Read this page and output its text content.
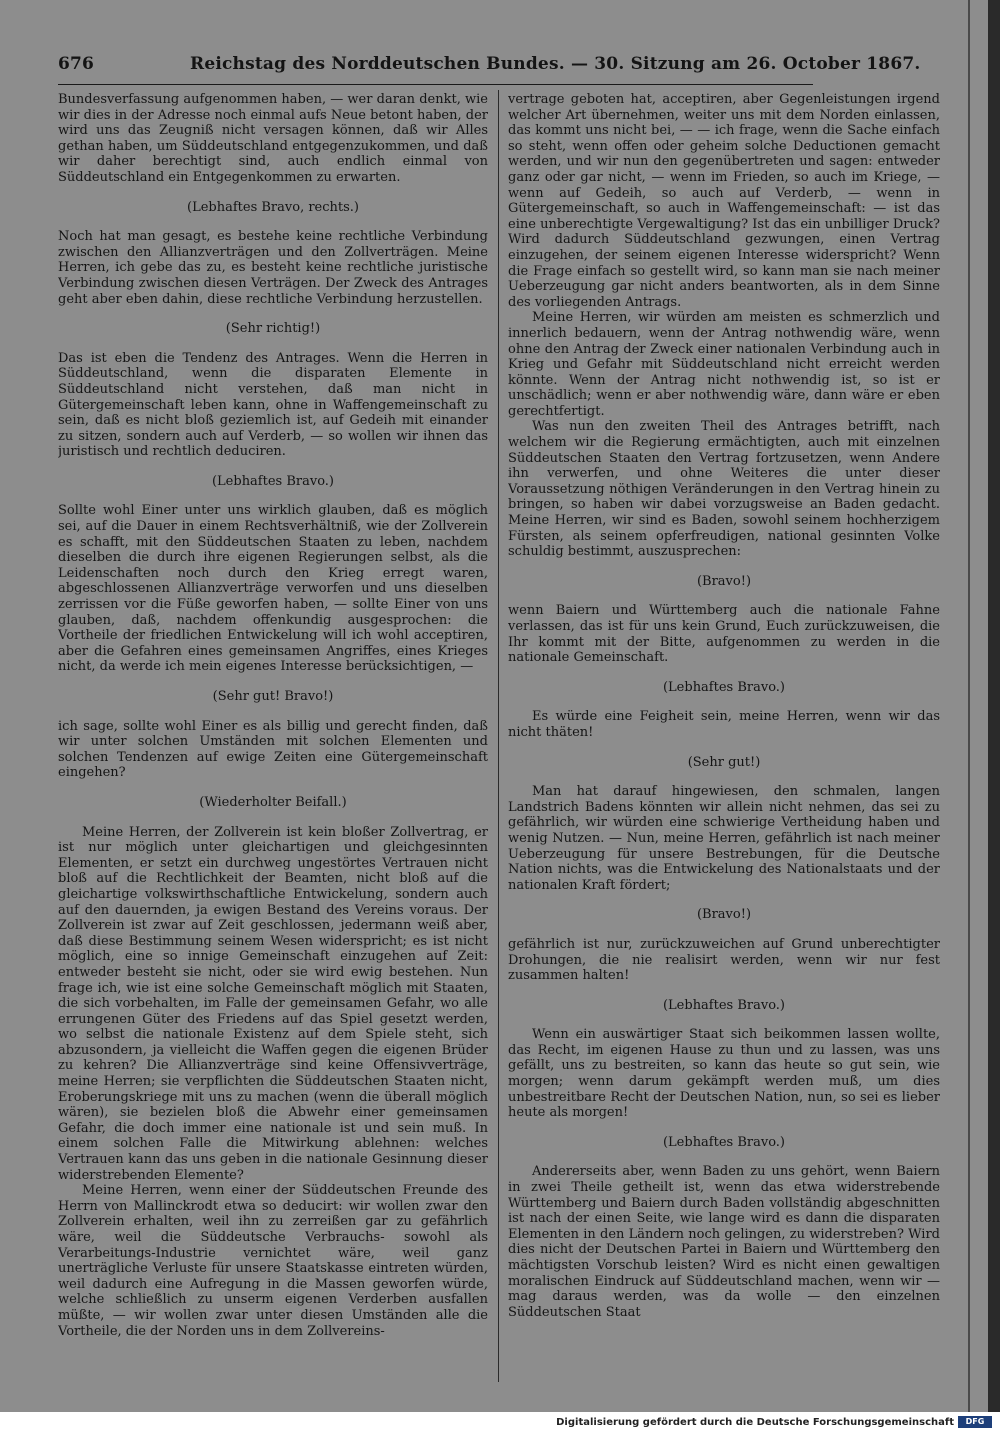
676	Reichstag des Norddeutschen Bundes. — 30. Sitzung am 26. October 1867.

Bundesverfassung aufgenommen haben, — wer daran denkt, wie wir dies in der Adresse noch einmal aufs Neue betont haben, der wird uns das Zeugniß nicht versagen können, daß wir Alles gethan haben, um Süddeutschland entgegenzukommen, und daß wir daher berechtigt sind, auch endlich einmal von Süddeutschland ein Entgegenkommen zu erwarten.

(Lebhaftes Bravo, rechts.)

Noch hat man gesagt, es bestehe keine rechtliche Verbindung zwischen den Allianzverträgen und den Zollverträgen. Meine Herren, ich gebe das zu, es besteht keine rechtliche juristische Verbindung zwischen diesen Verträgen. Der Zweck des Antrages geht aber eben dahin, diese rechtliche Verbindung herzustellen.

(Sehr richtig!)

Das ist eben die Tendenz des Antrages. Wenn die Herren in Süddeutschland, wenn die disparaten Elemente in Süddeutschland nicht verstehen, daß man nicht in Gütergemeinschaft leben kann, ohne in Waffengemeinschaft zu sein, daß es nicht bloß geziemlich ist, auf Gedeih mit einander zu sitzen, sondern auch auf Verderb, — so wollen wir ihnen das juristisch und rechtlich deduciren.

(Lebhaftes Bravo.)

Sollte wohl Einer unter uns wirklich glauben, daß es möglich sei, auf die Dauer in einem Rechtsverhältniß, wie der Zollverein es schafft, mit den Süddeutschen Staaten zu leben, nachdem dieselben die durch ihre eigenen Regierungen selbst, als die Leidenschaften noch durch den Krieg erregt waren, abgeschlossenen Allianzverträge verworfen und uns dieselben zerrissen vor die Füße geworfen haben, — sollte Einer von uns glauben, daß, nachdem offenkundig ausgesprochen: die Vortheile der friedlichen Entwickelung will ich wohl acceptiren, aber die Gefahren eines gemeinsamen Angriffes, eines Krieges nicht, da werde ich mein eigenes Interesse berücksichtigen, —

(Sehr gut! Bravo!)

ich sage, sollte wohl Einer es als billig und gerecht finden, daß wir unter solchen Umständen mit solchen Elementen und solchen Tendenzen auf ewige Zeiten eine Gütergemeinschaft eingehen?

(Wiederholter Beifall.)

Meine Herren, der Zollverein ist kein bloßer Zollvertrag, er ist nur möglich unter gleichartigen und gleichgesinnten Elementen, er setzt ein durchweg ungestörtes Vertrauen nicht bloß auf die Rechtlichkeit der Beamten, nicht bloß auf die gleichartige volkswirthschaftliche Entwickelung, sondern auch auf den dauernden, ja ewigen Bestand des Vereins voraus. Der Zollverein ist zwar auf Zeit geschlossen, jedermann weiß aber, daß diese Bestimmung seinem Wesen widerspricht; es ist nicht möglich, eine so innige Gemeinschaft einzugehen auf Zeit: entweder besteht sie nicht, oder sie wird ewig bestehen. Nun frage ich, wie ist eine solche Gemeinschaft möglich mit Staaten, die sich vorbehalten, im Falle der gemeinsamen Gefahr, wo alle errungenen Güter des Friedens auf das Spiel gesetzt werden, wo selbst die nationale Existenz auf dem Spiele steht, sich abzusondern, ja vielleicht die Waffen gegen die eigenen Brüder zu kehren? Die Allianzverträge sind keine Offensivverträge, meine Herren; sie verpflichten die Süddeutschen Staaten nicht, Eroberungskriege mit uns zu machen (wenn die überall möglich wären), sie bezielen bloß die Abwehr einer gemeinsamen Gefahr, die doch immer eine nationale ist und sein muß. In einem solchen Falle die Mitwirkung ablehnen: welches Vertrauen kann das uns geben in die nationale Gesinnung dieser widerstrebenden Elemente?

Meine Herren, wenn einer der Süddeutschen Freunde des Herrn von Mallinckrodt etwa so deducirt: wir wollen zwar den Zollverein erhalten, weil ihn zu zerreißen gar zu gefährlich wäre, weil die Süddeutsche Verbrauchs- sowohl als Verarbeitungs-Industrie vernichtet wäre, weil ganz unerträgliche Verluste für unsere Staatskasse eintreten würden, weil dadurch eine Aufregung in die Massen geworfen würde, welche schließlich zu unserm eigenen Verderben ausfallen müßte, — wir wollen zwar unter diesen Umständen alle die Vortheile, die der Norden uns in dem Zollvereins-

vertrage geboten hat, acceptiren, aber Gegenleistungen irgend welcher Art übernehmen, weiter uns mit dem Norden einlassen, das kommt uns nicht bei, — — ich frage, wenn die Sache einfach so steht, wenn offen oder geheim solche Deductionen gemacht werden, und wir nun den gegenübertreten und sagen: entweder ganz oder gar nicht, — wenn im Frieden, so auch im Kriege, — wenn auf Gedeih, so auch auf Verderb, — wenn in Gütergemeinschaft, so auch in Waffengemeinschaft: — ist das eine unberechtigte Vergewaltigung? Ist das ein unbilliger Druck? Wird dadurch Süddeutschland gezwungen, einen Vertrag einzugehen, der seinem eigenen Interesse widerspricht? Wenn die Frage einfach so gestellt wird, so kann man sie nach meiner Ueberzeugung gar nicht anders beantworten, als in dem Sinne des vorliegenden Antrags.

Meine Herren, wir würden am meisten es schmerzlich und innerlich bedauern, wenn der Antrag nothwendig wäre, wenn ohne den Antrag der Zweck einer nationalen Verbindung auch in Krieg und Gefahr mit Süddeutschland nicht erreicht werden könnte. Wenn der Antrag nicht nothwendig ist, so ist er unschädlich; wenn er aber nothwendig wäre, dann wäre er eben gerechtfertigt.

Was nun den zweiten Theil des Antrages betrifft, nach welchem wir die Regierung ermächtigten, auch mit einzelnen Süddeutschen Staaten den Vertrag fortzusetzen, wenn Andere ihn verwerfen, und ohne Weiteres die unter dieser Voraussetzung nöthigen Veränderungen in den Vertrag hinein zu bringen, so haben wir dabei vorzugsweise an Baden gedacht. Meine Herren, wir sind es Baden, sowohl seinem hochherzigem Fürsten, als seinem opferfreudigen, national gesinnten Volke schuldig bestimmt, auszusprechen:

(Bravo!)

wenn Baiern und Württemberg auch die nationale Fahne verlassen, das ist für uns kein Grund, Euch zurückzuweisen, die Ihr kommt mit der Bitte, aufgenommen zu werden in die nationale Gemeinschaft.

(Lebhaftes Bravo.)

Es würde eine Feigheit sein, meine Herren, wenn wir das nicht thäten!

(Sehr gut!)

Man hat darauf hingewiesen, den schmalen, langen Landstrich Badens könnten wir allein nicht nehmen, das sei zu gefährlich, wir würden eine schwierige Vertheidung haben und wenig Nutzen. — Nun, meine Herren, gefährlich ist nach meiner Ueberzeugung für unsere Bestrebungen, für die Deutsche Nation nichts, was die Entwickelung des Nationalstaats und der nationalen Kraft fördert;

(Bravo!)

gefährlich ist nur, zurückzuweichen auf Grund unberechtigter Drohungen, die nie realisirt werden, wenn wir nur fest zusammen halten!

(Lebhaftes Bravo.)

Wenn ein auswärtiger Staat sich beikommen lassen wollte, das Recht, im eigenen Hause zu thun und zu lassen, was uns gefällt, uns zu bestreiten, so kann das heute so gut sein, wie morgen; wenn darum gekämpft werden muß, um dies unbestreitbare Recht der Deutschen Nation, nun, so sei es lieber heute als morgen!

(Lebhaftes Bravo.)

Andererseits aber, wenn Baden zu uns gehört, wenn Baiern in zwei Theile getheilt ist, wenn das etwa widerstrebende Württemberg und Baiern durch Baden vollständig abgeschnitten ist nach der einen Seite, wie lange wird es dann die disparaten Elementen in den Ländern noch gelingen, zu widerstreben? Wird dies nicht der Deutschen Partei in Baiern und Württemberg den mächtigsten Vorschub leisten? Wird es nicht einen gewaltigen moralischen Eindruck auf Süddeutschland machen, wenn wir — mag daraus werden, was da wolle — den einzelnen Süddeutschen Staat

Digitalisierung gefördert durch die Deutsche Forschungsgemeinschaft	DFG
